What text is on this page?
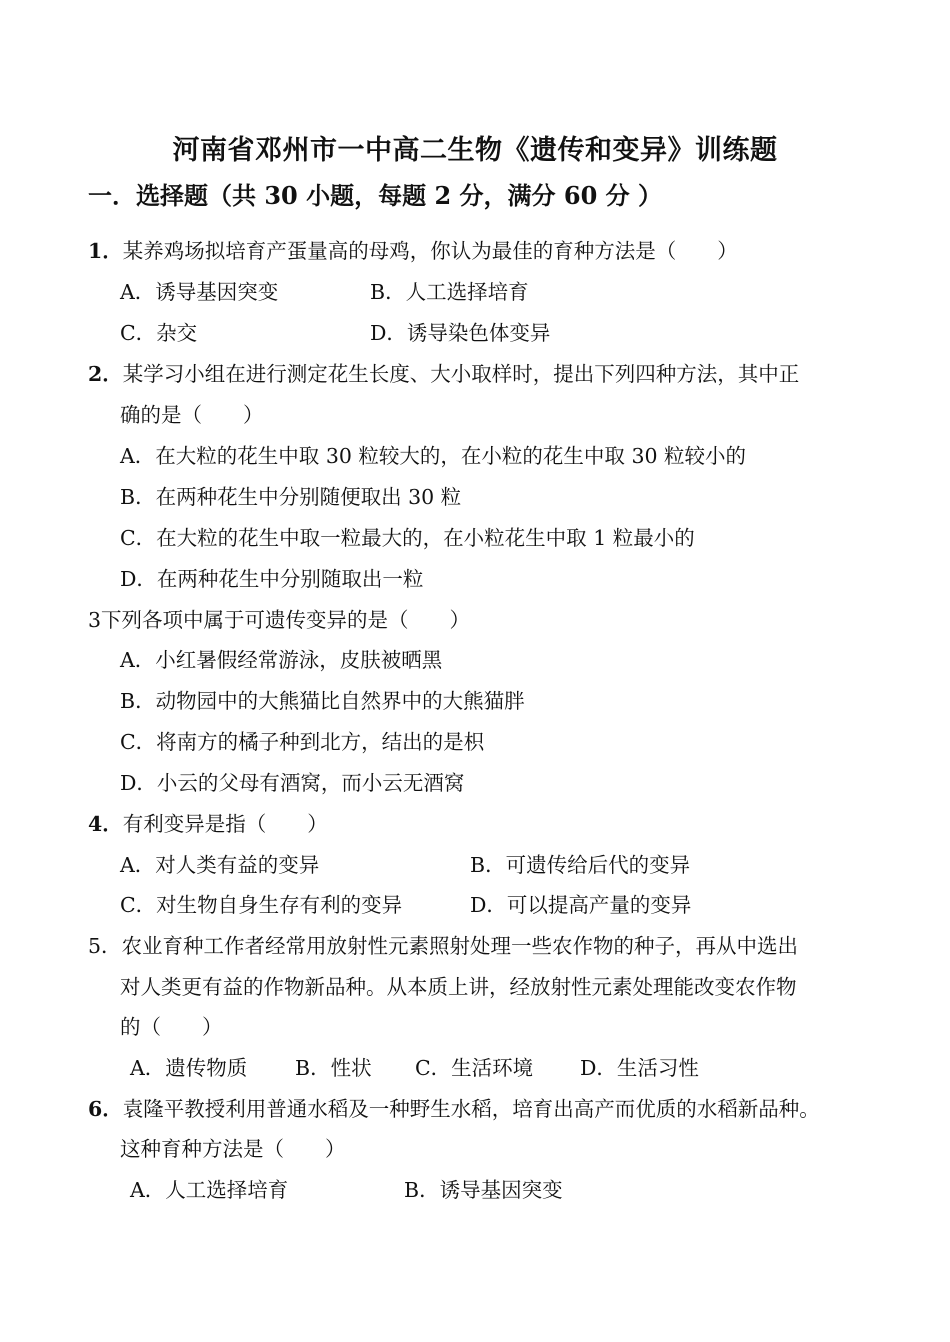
河南省邓州市一中高二生物《遗传和变异》训练题
一．选择题（共 30 小题，每题 2 分，满分 60 分 ）
1．某养鸡场拟培育产蛋量高的母鸡，你认为最佳的育种方法是（　　）
A．诱导基因突变	B．人工选择培育
C．杂交	D．诱导染色体变异
2．某学习小组在进行测定花生长度、大小取样时，提出下列四种方法，其中正
确的是（　　）
A．在大粒的花生中取 30 粒较大的，在小粒的花生中取 30 粒较小的
B．在两种花生中分别随便取出 30 粒
C．在大粒的花生中取一粒最大的，在小粒花生中取 1 粒最小的
D．在两种花生中分别随取出一粒
3下列各项中属于可遗传变异的是（　　）
A．小红暑假经常游泳，皮肤被晒黑
B．动物园中的大熊猫比自然界中的大熊猫胖
C．将南方的橘子种到北方，结出的是枳
D．小云的父母有酒窝，而小云无酒窝
4．有利变异是指（　　）
A．对人类有益的变异	B．可遗传给后代的变异
C．对生物自身生存有利的变异	D．可以提高产量的变异
5．农业育种工作者经常用放射性元素照射处理一些农作物的种子，再从中选出
对人类更有益的作物新品种。从本质上讲，经放射性元素处理能改变农作物
的（　　）
A．遗传物质 B．性状 C．生活环境 D．生活习性
6．袁隆平教授利用普通水稻及一种野生水稻，培育出高产而优质的水稻新品种。
这种育种方法是（　　）
A．人工选择培育	B．诱导基因突变
